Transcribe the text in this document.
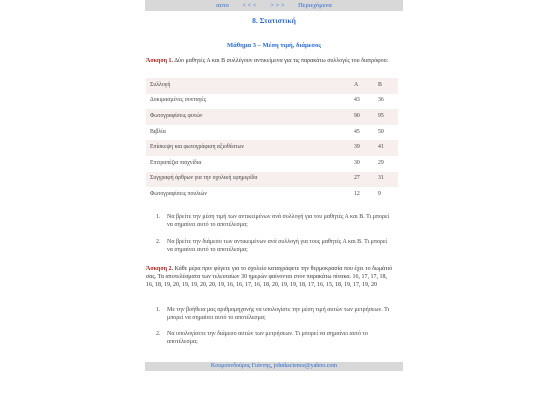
αυτο < < < > > > Περιεχόμενα
8. Στατιστική
Μάθημα 3 – Μέση τιμή, διάμεσος
Άσκηση 1. Δύο μαθητές Α και Β συλλέγουν αντικείμενα για τις παρακάτω συλλογές του διατρόφου:
Συλλογή	Α	Β
Δοκιμασμένες συνταγές	43	36
Φωτογραφίσεις φυτών	90	95
Βιβλία	45	50
Επίσκεψη και φωτογράφιση αξιοθέατων	39	41
Επιτραπέζια παιχνίδια	30	29
Συγγραφή άρθρων για την σχολική εφημερίδα	27	31
Φωτογραφίσεις πουλιών	12	9
1. Να βρείτε την μέση τιμή των αντικειμένων ανά συλλογή για του μαθητές Α και Β. Τι μπορεί να σημαίνει αυτό το αποτέλεσμα;
2. Να βρείτε την διάμεσο των αντικειμένων ανά συλλογή για τους μαθητές Α και Β. Τι μπορεί να σημαίνει αυτό το αποτέλεσμα;
Άσκηση 2. Κάθε μέρα πριν φύγετε για το σχολείο καταγράφετε την θερμοκρασία που έχει το δωμάτιό σας. Τα αποτελέσματα των τελευταίων 30 ημερών φαίνονται στον παρακάτω πίνακα. 16, 17, 17, 18, 16, 18, 19, 20, 19, 19, 20, 20, 19, 16, 16, 17, 16, 18, 20, 19, 19, 18, 17, 16, 15, 18, 19, 17, 19, 20
1. Με την βοήθεια μας αριθμομηχανής να υπολογίστε την μέση τιμή αυτών των μετρήσεων. Τι μπορεί να σημαίνει αυτό το αποτέλεσμα;
2. Να υπολογίσετε την διάμεσο αυτών των μετρήσεων. Τι μπορεί να σημαίνει αυτό το αποτέλεσμα;
Κουμουνδούρος Γιάννης, johnkscience@yahoo.com
